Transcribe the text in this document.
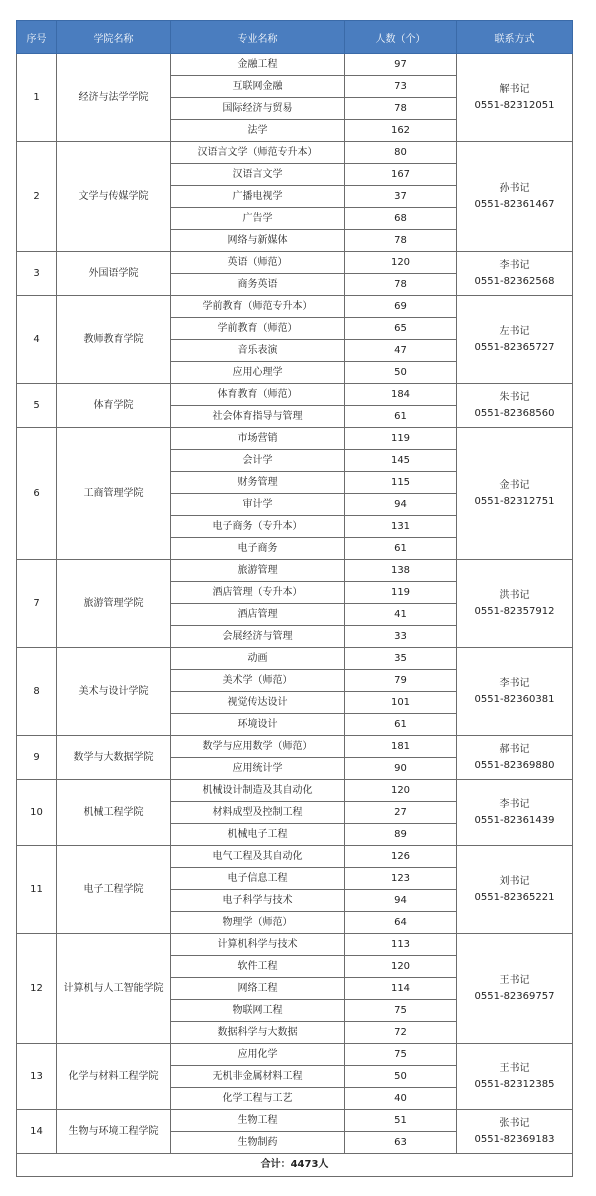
序号	学院名称	专业名称	人数（个）	联系方式
1	经济与法学学院	金融工程	97	解书记
0551-82312051

		互联网金融	73	
		国际经济与贸易	78	
		法学	162	
2	文学与传媒学院	汉语言文学（师范专升本）	80	孙书记
0551-82361467

		汉语言文学	167	
		广播电视学	37	
		广告学	68	
		网络与新媒体	78	
3	外国语学院	英语（师范）	120	李书记
0551-82362568

		商务英语	78	
4	教师教育学院	学前教育（师范专升本）	69	左书记
0551-82365727

		学前教育（师范）	65	
		音乐表演	47	
		应用心理学	50	
5	体育学院	体育教育（师范）	184	朱书记
0551-82368560

		社会体育指导与管理	61	
6	工商管理学院	市场营销	119	金书记
0551-82312751

		会计学	145	
		财务管理	115	
		审计学	94	
		电子商务（专升本）	131	
		电子商务	61	
7	旅游管理学院	旅游管理	138	洪书记
0551-82357912

		酒店管理（专升本）	119	
		酒店管理	41	
		会展经济与管理	33	
8	美术与设计学院	动画	35	李书记
0551-82360381

		美术学（师范）	79	
		视觉传达设计	101	
		环境设计	61	
9	数学与大数据学院	数学与应用数学（师范）	181	郝书记
0551-82369880

		应用统计学	90	
10	机械工程学院	机械设计制造及其自动化	120	李书记
0551-82361439

		材料成型及控制工程	27	
		机械电子工程	89	
11	电子工程学院	电气工程及其自动化	126	刘书记
0551-82365221

		电子信息工程	123	
		电子科学与技术	94	
		物理学（师范）	64	
12	计算机与人工智能学院	计算机科学与技术	113	王书记
0551-82369757

		软件工程	120	
		网络工程	114	
		物联网工程	75	
		数据科学与大数据	72	
13	化学与材料工程学院	应用化学	75	王书记
0551-82312385

		无机非金属材料工程	50	
		化学工程与工艺	40	
14	生物与环境工程学院	生物工程	51	张书记
0551-82369183

		生物制药	63	
合计：4473人				
